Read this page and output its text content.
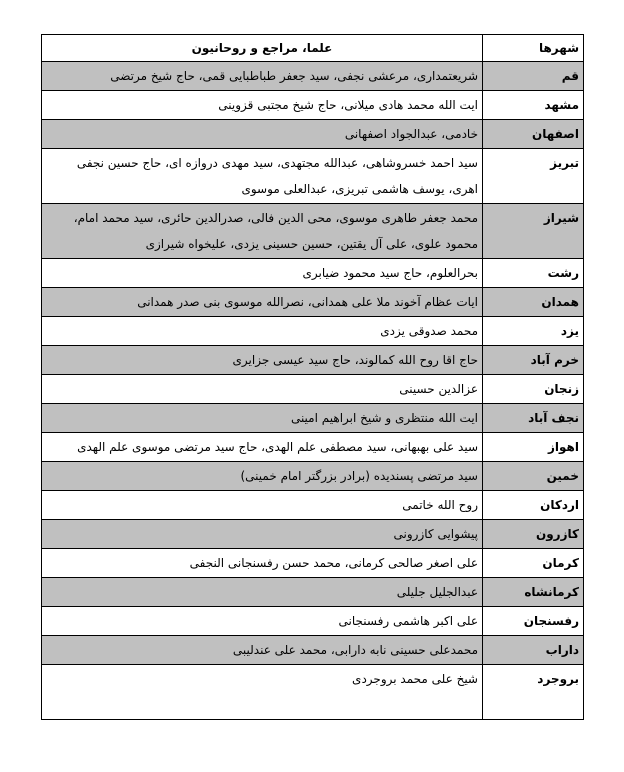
شهرها	علما، مراجع و روحانیون
قم	شریعتمداری، مرعشی نجفی، سید جعفر طباطبایی قمی، حاج شیخ مرتضی
مشهد	ایت الله محمد هادی میلانی، حاج شیخ مجتبی قزوینی
اصفهان	خادمی، عبدالجواد اصفهانی
تبریز	سید احمد خسروشاهی، عبدالله مجتهدی، سید مهدی دروازه ای، حاج حسین نجفی اهری، یوسف هاشمی تبریزی، عبدالعلی موسوی
شیراز	محمد جعفر طاهری موسوی، محی الدین فالی، صدرالدین حائری، سید محمد امام، محمود علوی، علی آل یقتین، حسین حسینی یزدی، علیخواه شیرازی
رشت	بحرالعلوم، حاج سید محمود ضیابری
همدان	ایات عظام آخوند ملا علی همدانی، نصرالله موسوی بنی صدر همدانی
یزد	محمد صدوقی یزدی
خرم آباد	حاج اقا روح الله کمالوند، حاج سید عیسی جزایری
زنجان	عزالدین حسینی
نجف آباد	ایت الله منتظری و شیخ ابراهیم امینی
اهواز	سید علی بهبهانی، سید مصطفی علم الهدی، حاج سید مرتضی موسوی علم الهدی
خمین	سید مرتضی پسندیده (برادر بزرگتر امام خمینی)
اردکان	روح الله خاتمی
کازرون	پیشوایی کازرونی
کرمان	علی اصغر صالحی کرمانی، محمد حسن رفسنجانی النجفی
کرمانشاه	عبدالجلیل جلیلی
رفسنجان	علی اکبر هاشمی رفسنجانی
داراب	محمدعلی حسینی نابه دارابی، محمد علی عندلیبی
بروجرد	شیخ علی محمد بروجردی
